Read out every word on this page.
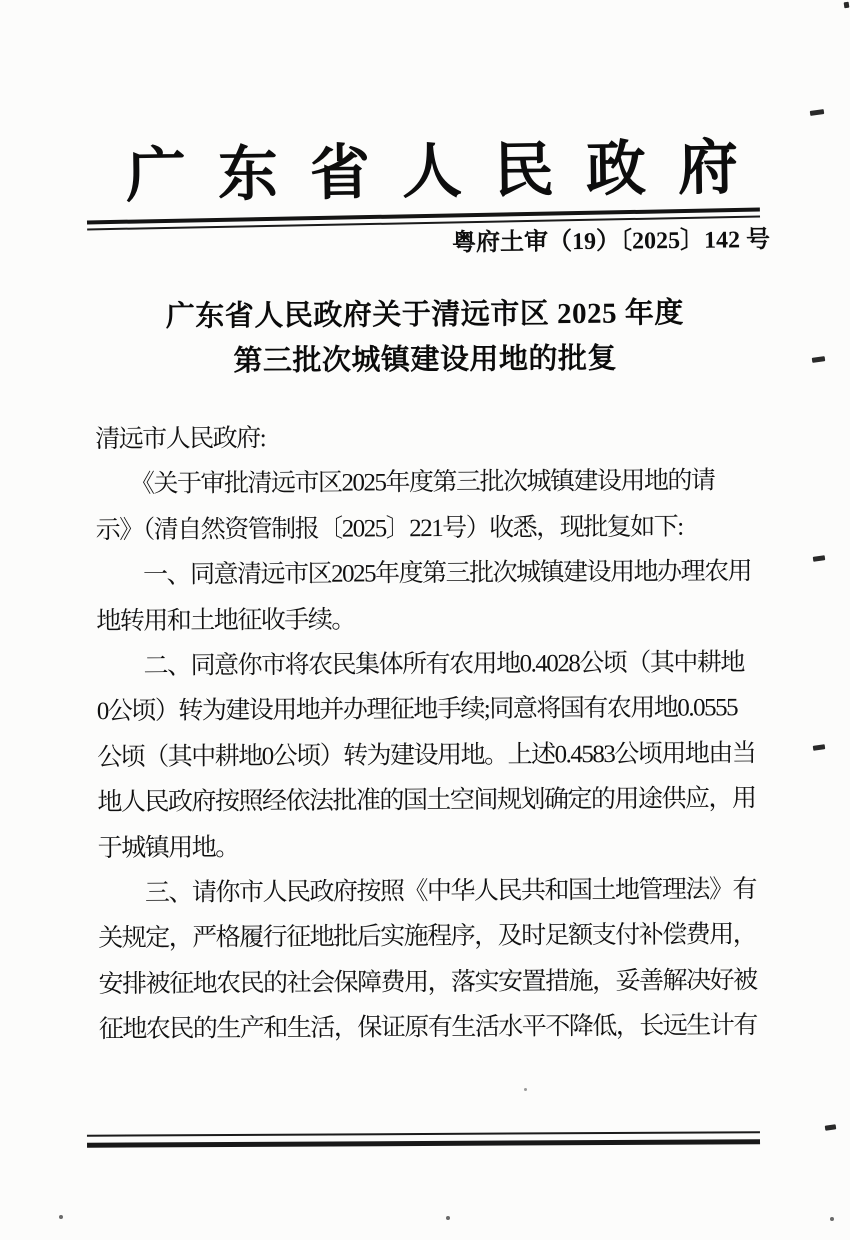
广 东 省 人 民 政 府
粤府土审（19）〔2025〕142 号
广东省人民政府关于清远市区 2025 年度
第三批次城镇建设用地的批复
清远市人民政府:
　　《关于审批清远市区2025年度第三批次城镇建设用地的请
示》（清自然资管制报〔2025〕221号）收悉，现批复如下:
　　一、同意清远市区2025年度第三批次城镇建设用地办理农用
地转用和土地征收手续。
　　二、同意你市将农民集体所有农用地0.4028公顷（其中耕地
0公顷）转为建设用地并办理征地手续;同意将国有农用地0.0555
公顷（其中耕地0公顷）转为建设用地。上述0.4583公顷用地由当
地人民政府按照经依法批准的国土空间规划确定的用途供应，用
于城镇用地。
　　三、请你市人民政府按照《中华人民共和国土地管理法》有
关规定，严格履行征地批后实施程序，及时足额支付补偿费用，
安排被征地农民的社会保障费用，落实安置措施，妥善解决好被
征地农民的生产和生活，保证原有生活水平不降低，长远生计有
